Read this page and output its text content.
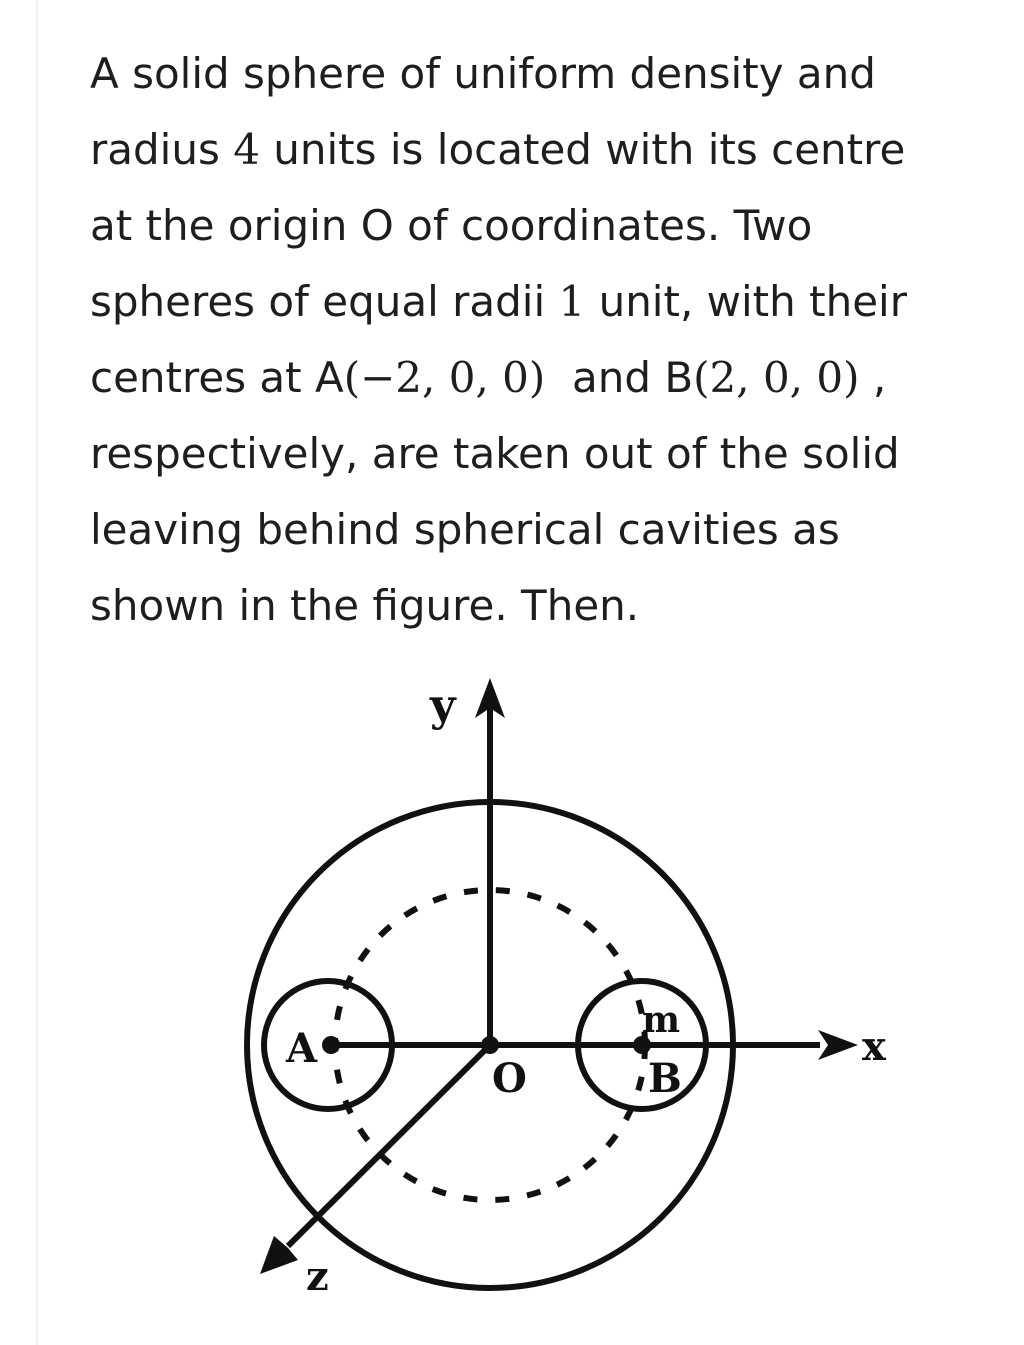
A solid sphere of uniform density and
radius 4 units is located with its centre
at the origin O of coordinates. Two
spheres of equal radii 1 unit, with their
centres at A(−2, 0, 0)  and B(2, 0, 0) ,
respectively, are taken out of the solid
leaving behind spherical cavities as
shown in the figure. Then.
y
x
z
O
A
B
m
